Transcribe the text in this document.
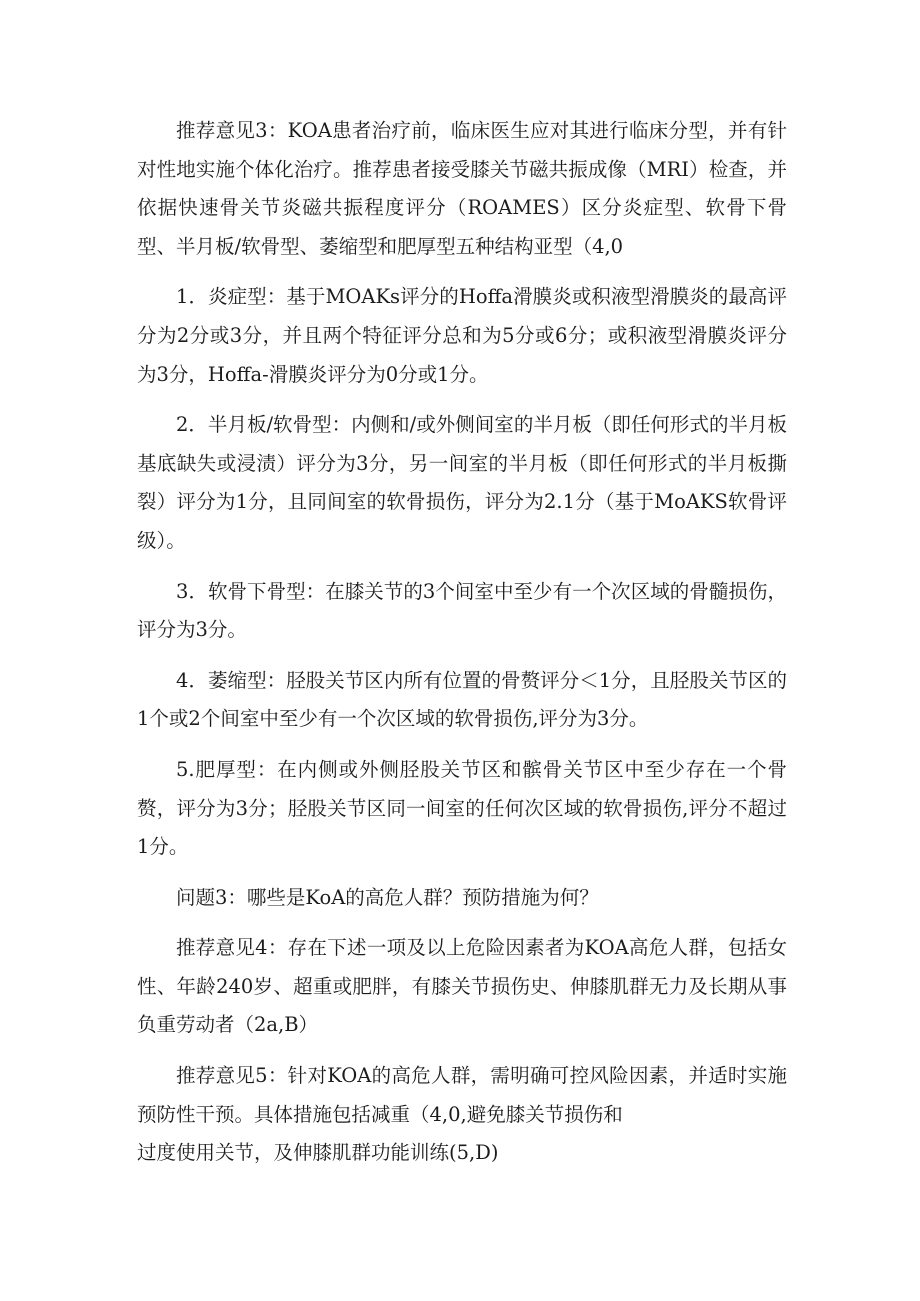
推荐意见3：KOA患者治疗前，临床医生应对其进行临床分型，并有针对性地实施个体化治疗。推荐患者接受膝关节磁共振成像（MRI）检查，并依据快速骨关节炎磁共振程度评分（ROAMES）区分炎症型、软骨下骨型、半月板/软骨型、萎缩型和肥厚型五种结构亚型（4,0

1．炎症型：基于MOAKs评分的Hoffa滑膜炎或积液型滑膜炎的最高评分为2分或3分，并且两个特征评分总和为5分或6分；或积液型滑膜炎评分为3分，Hoffa-滑膜炎评分为0分或1分。

2．半月板/软骨型：内侧和/或外侧间室的半月板（即任何形式的半月板基底缺失或浸渍）评分为3分，另一间室的半月板（即任何形式的半月板撕裂）评分为1分，且同间室的软骨损伤，评分为2.1分（基于MoAKS软骨评级）。

3．软骨下骨型：在膝关节的3个间室中至少有一个次区域的骨髓损伤，评分为3分。

4．萎缩型：胫股关节区内所有位置的骨赘评分＜1分，且胫股关节区的1个或2个间室中至少有一个次区域的软骨损伤,评分为3分。

5.肥厚型：在内侧或外侧胫股关节区和髌骨关节区中至少存在一个骨赘，评分为3分；胫股关节区同一间室的任何次区域的软骨损伤,评分不超过1分。

问题3：哪些是KoA的高危人群？预防措施为何？

推荐意见4：存在下述一项及以上危险因素者为KOA高危人群，包括女性、年龄240岁、超重或肥胖，有膝关节损伤史、伸膝肌群无力及长期从事负重劳动者（2a,B）

推荐意见5：针对KOA的高危人群，需明确可控风险因素，并适时实施预防性干预。具体措施包括减重（4,0,避免膝关节损伤和

过度使用关节，及伸膝肌群功能训练(5,D)
